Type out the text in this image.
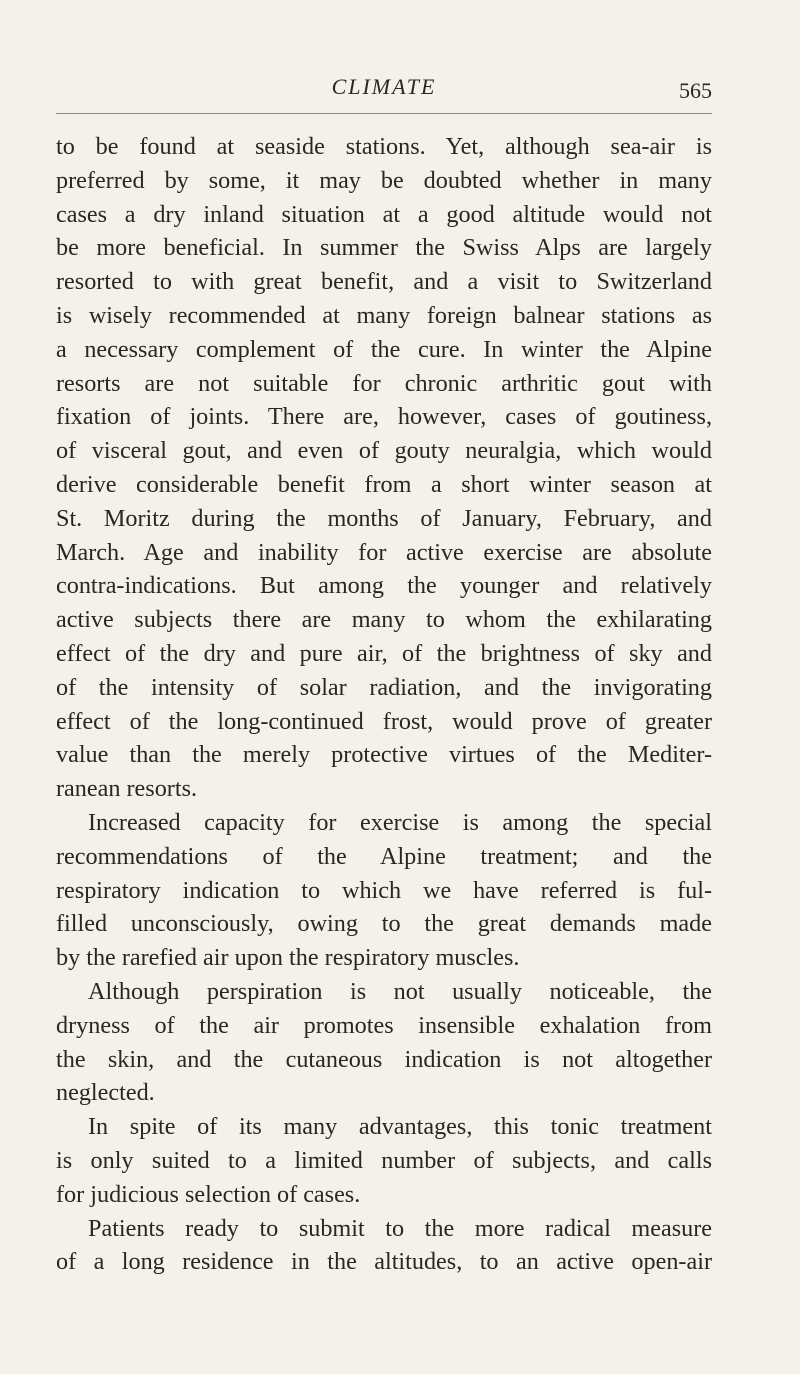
CLIMATE	565
to be found at seaside stations. Yet, although sea-air is
preferred by some, it may be doubted whether in many
cases a dry inland situation at a good altitude would not
be more beneficial. In summer the Swiss Alps are largely
resorted to with great benefit, and a visit to Switzerland
is wisely recommended at many foreign balnear stations as
a necessary complement of the cure. In winter the Alpine
resorts are not suitable for chronic arthritic gout with
fixation of joints. There are, however, cases of goutiness,
of visceral gout, and even of gouty neuralgia, which would
derive considerable benefit from a short winter season at
St. Moritz during the months of January, February, and
March. Age and inability for active exercise are absolute
contra-indications. But among the younger and relatively
active subjects there are many to whom the exhilarating
effect of the dry and pure air, of the brightness of sky and
of the intensity of solar radiation, and the invigorating
effect of the long-continued frost, would prove of greater
value than the merely protective virtues of the Mediter-
ranean resorts.
Increased capacity for exercise is among the special
recommendations of the Alpine treatment; and the
respiratory indication to which we have referred is ful-
filled unconsciously, owing to the great demands made
by the rarefied air upon the respiratory muscles.
Although perspiration is not usually noticeable, the
dryness of the air promotes insensible exhalation from
the skin, and the cutaneous indication is not altogether
neglected.
In spite of its many advantages, this tonic treatment
is only suited to a limited number of subjects, and calls
for judicious selection of cases.
Patients ready to submit to the more radical measure
of a long residence in the altitudes, to an active open-air
